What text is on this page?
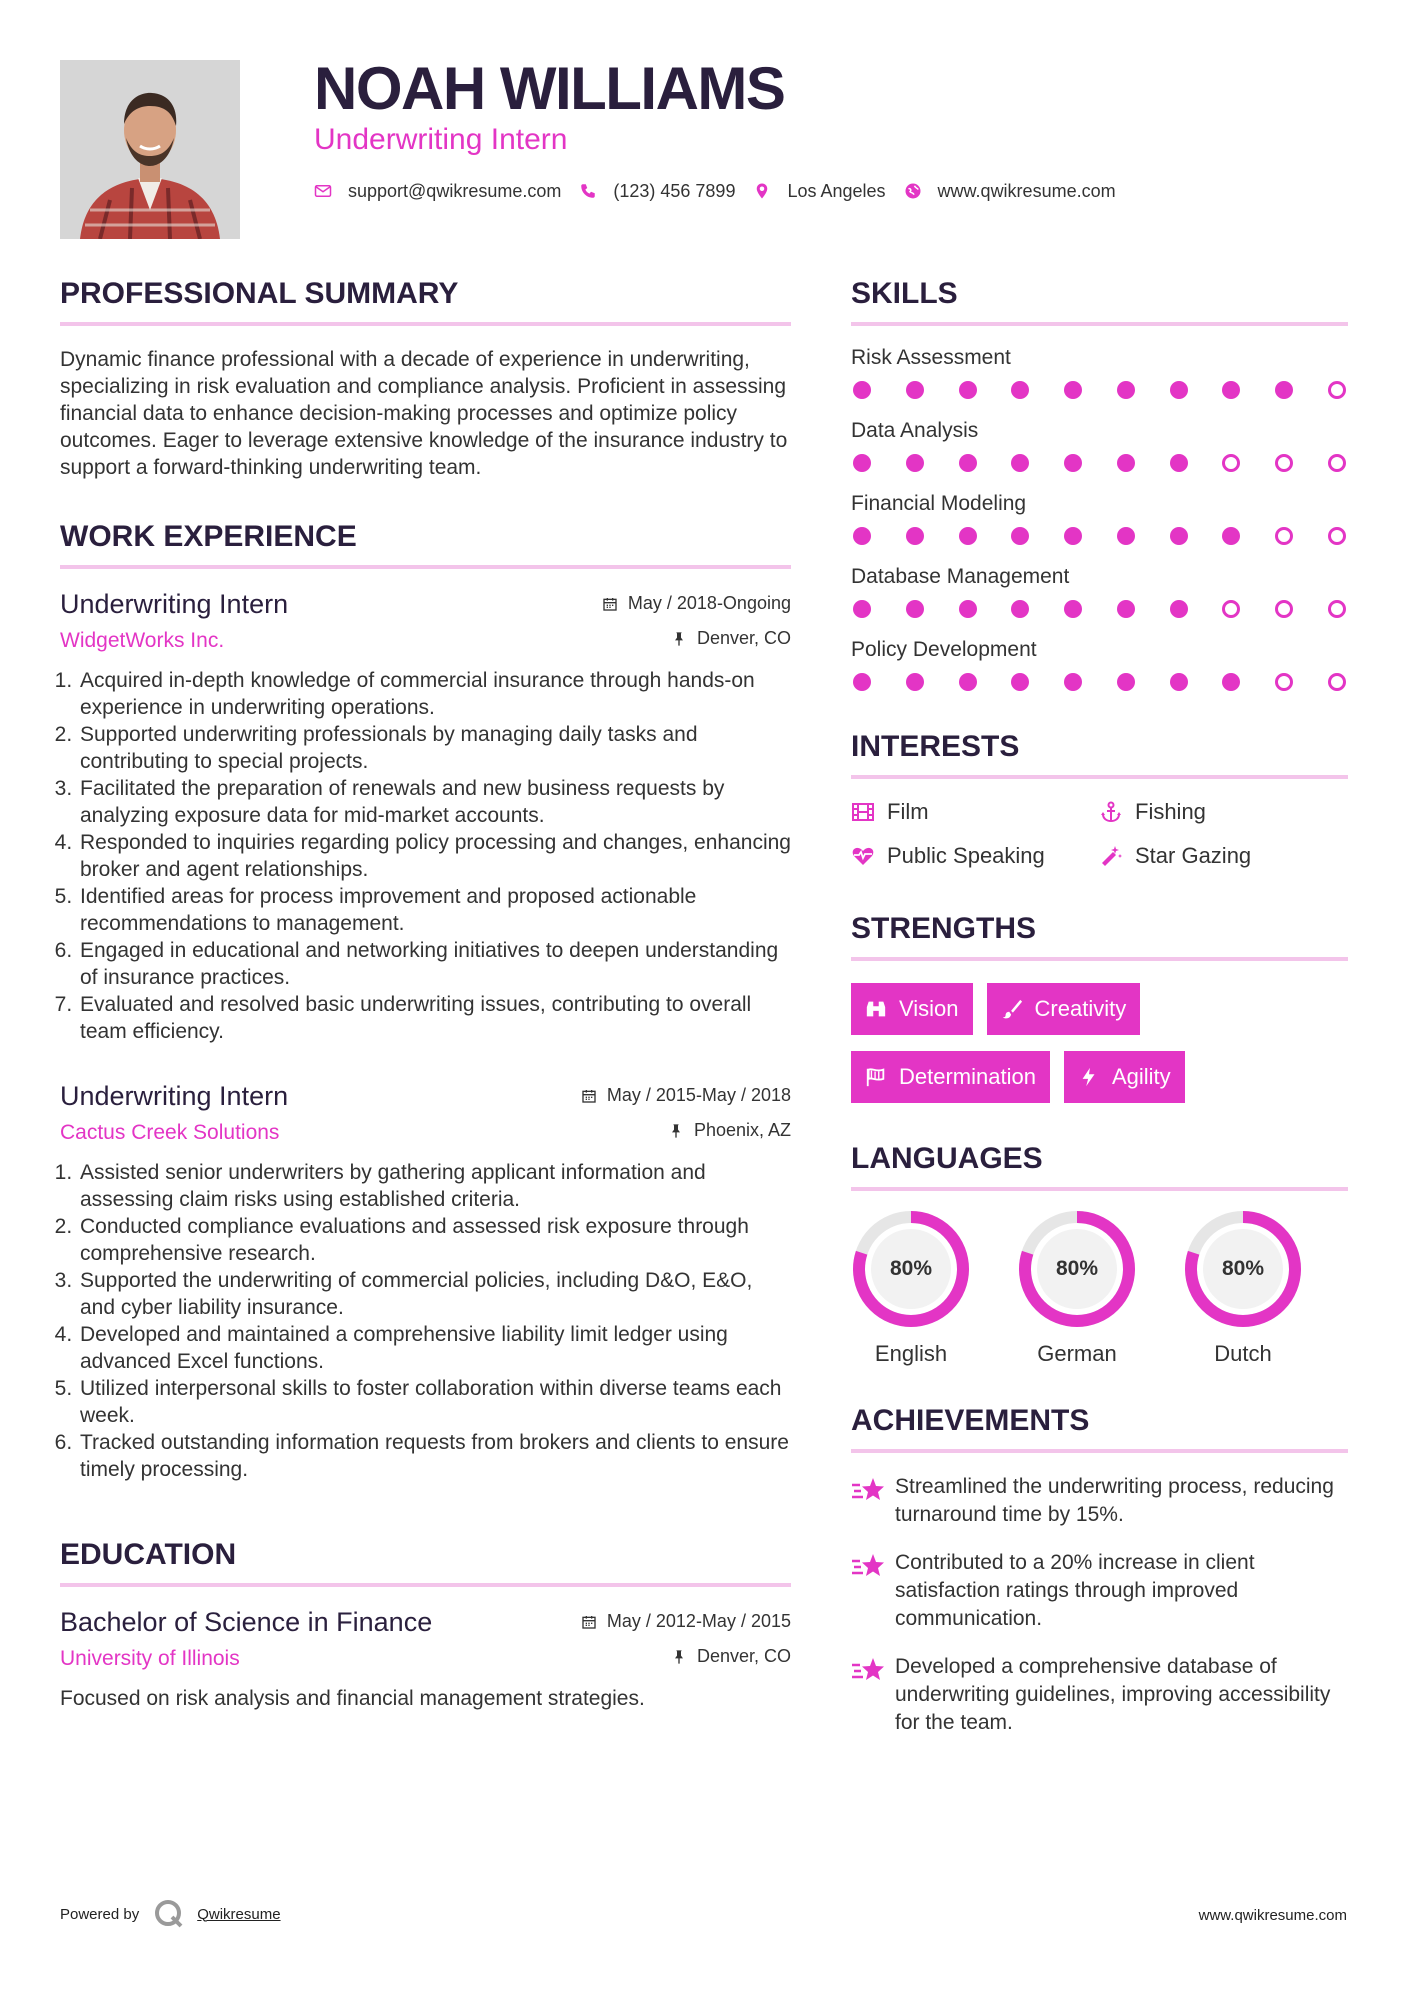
NOAH WILLIAMS
Underwriting Intern
support@qwikresume.com	(123) 456 7899	Los Angeles	www.qwikresume.com
PROFESSIONAL SUMMARY
Dynamic finance professional with a decade of experience in underwriting, specializing in risk evaluation and compliance analysis. Proficient in assessing financial data to enhance decision-making processes and optimize policy outcomes. Eager to leverage extensive knowledge of the insurance industry to support a forward-thinking underwriting team.
WORK EXPERIENCE
Underwriting Intern	May / 2018-Ongoing
WidgetWorks Inc.	Denver, CO
1. Acquired in-depth knowledge of commercial insurance through hands-on experience in underwriting operations.
2. Supported underwriting professionals by managing daily tasks and contributing to special projects.
3. Facilitated the preparation of renewals and new business requests by analyzing exposure data for mid-market accounts.
4. Responded to inquiries regarding policy processing and changes, enhancing broker and agent relationships.
5. Identified areas for process improvement and proposed actionable recommendations to management.
6. Engaged in educational and networking initiatives to deepen understanding of insurance practices.
7. Evaluated and resolved basic underwriting issues, contributing to overall team efficiency.
Underwriting Intern	May / 2015-May / 2018
Cactus Creek Solutions	Phoenix, AZ
1. Assisted senior underwriters by gathering applicant information and assessing claim risks using established criteria.
2. Conducted compliance evaluations and assessed risk exposure through comprehensive research.
3. Supported the underwriting of commercial policies, including D&O, E&O, and cyber liability insurance.
4. Developed and maintained a comprehensive liability limit ledger using advanced Excel functions.
5. Utilized interpersonal skills to foster collaboration within diverse teams each week.
6. Tracked outstanding information requests from brokers and clients to ensure timely processing.
EDUCATION
Bachelor of Science in Finance	May / 2012-May / 2015
University of Illinois	Denver, CO
Focused on risk analysis and financial management strategies.
SKILLS
Risk Assessment
Data Analysis
Financial Modeling
Database Management
Policy Development
INTERESTS
Film	Fishing
Public Speaking	Star Gazing
STRENGTHS
Vision	Creativity
Determination	Agility
LANGUAGES
80%
English
80%
German
80%
Dutch
ACHIEVEMENTS
Streamlined the underwriting process, reducing turnaround time by 15%.
Contributed to a 20% increase in client satisfaction ratings through improved communication.
Developed a comprehensive database of underwriting guidelines, improving accessibility for the team.
Powered by	Qwikresume	www.qwikresume.com
